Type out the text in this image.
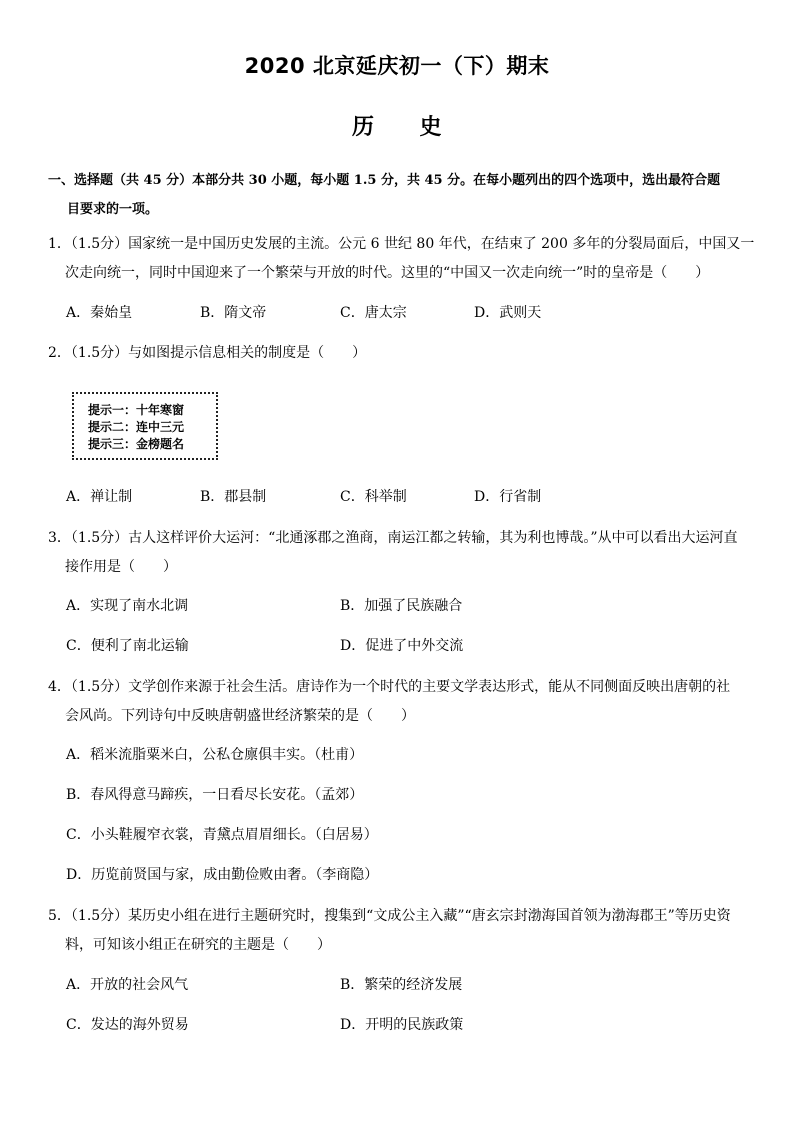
2020 北京延庆初一（下）期末
历　　史
一、选择题（共 45 分）本部分共 30 小题，每小题 1.5 分，共 45 分。在每小题列出的四个选项中，选出最符合题
目要求的一项。
1．（1.5分）国家统一是中国历史发展的主流。公元 6 世纪 80 年代，在结束了 200 多年的分裂局面后，中国又一
次走向统一，同时中国迎来了一个繁荣与开放的时代。这里的“中国又一次走向统一”时的皇帝是（　　）
A．秦始皇	B．隋文帝	C．唐太宗	D．武则天
2．（1.5分）与如图提示信息相关的制度是（　　）
提示一：十年寒窗
提示二：连中三元
提示三：金榜题名
A．禅让制	B．郡县制	C．科举制	D．行省制
3．（1.5分）古人这样评价大运河：“北通涿郡之渔商，南运江都之转输，其为利也博哉。”从中可以看出大运河直
接作用是（　　）
A．实现了南水北调	B．加强了民族融合
C．便利了南北运输	D．促进了中外交流
4．（1.5分）文学创作来源于社会生活。唐诗作为一个时代的主要文学表达形式，能从不同侧面反映出唐朝的社
会风尚。下列诗句中反映唐朝盛世经济繁荣的是（　　）
A．稻米流脂粟米白，公私仓廪俱丰实。（杜甫）
B．春风得意马蹄疾，一日看尽长安花。（孟郊）
C．小头鞋履窄衣裳，青黛点眉眉细长。（白居易）
D．历览前贤国与家，成由勤俭败由奢。（李商隐）
5．（1.5分）某历史小组在进行主题研究时，搜集到“文成公主入藏”“唐玄宗封渤海国首领为渤海郡王”等历史资
料，可知该小组正在研究的主题是（　　）
A．开放的社会风气	B．繁荣的经济发展
C．发达的海外贸易	D．开明的民族政策
